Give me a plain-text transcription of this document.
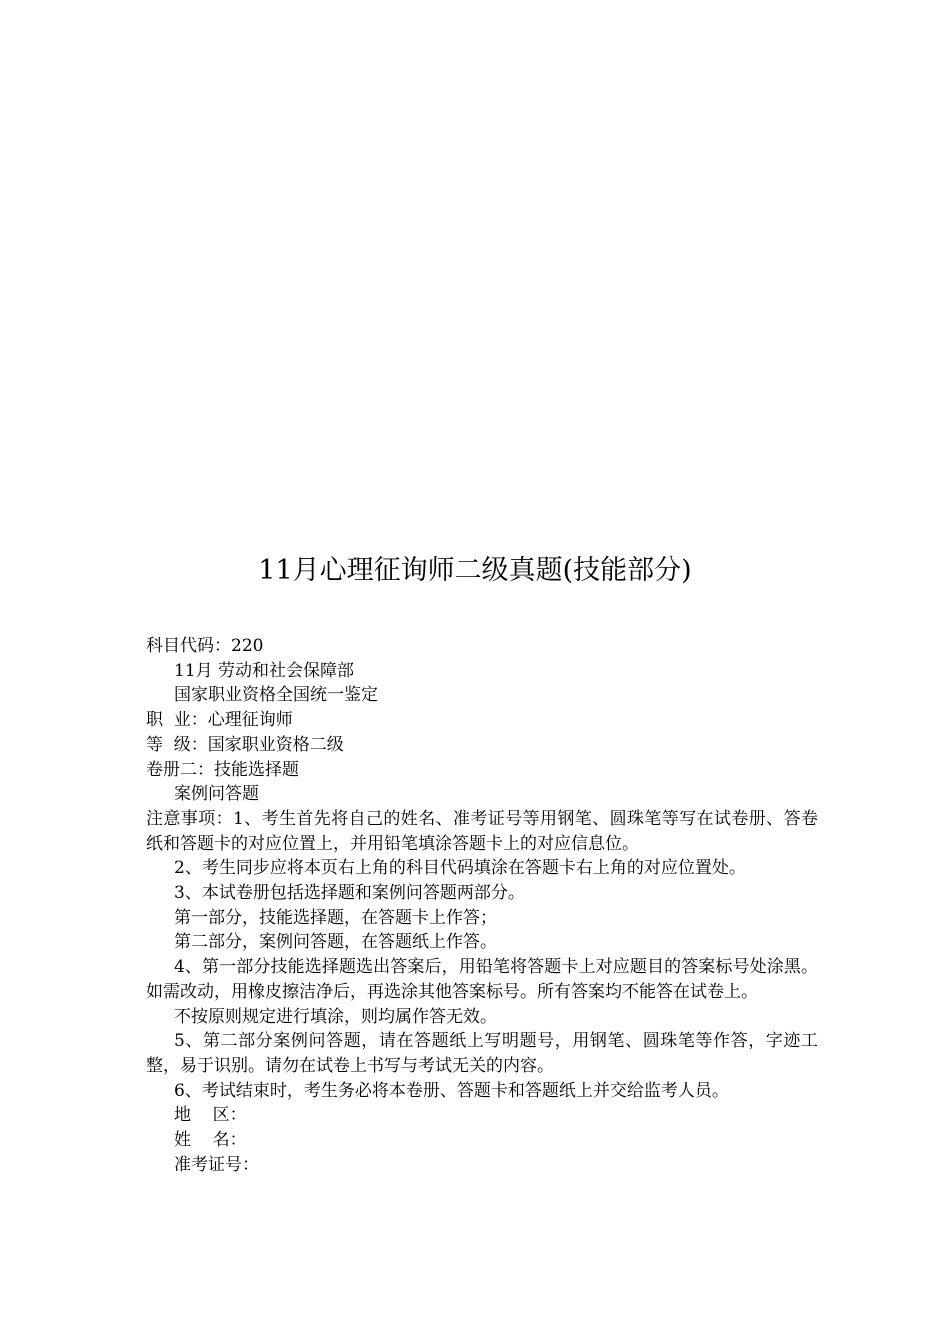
11月心理征询师二级真题(技能部分)

科目代码：220

11月 劳动和社会保障部

国家职业资格全国统一鉴定

职  业：心理征询师

等  级：国家职业资格二级

卷册二：技能选择题

案例问答题

注意事项：1、考生首先将自己的姓名、准考证号等用钢笔、圆珠笔等写在试卷册、答卷纸和答题卡的对应位置上，并用铅笔填涂答题卡上的对应信息位。

2、考生同步应将本页右上角的科目代码填涂在答题卡右上角的对应位置处。

3、本试卷册包括选择题和案例问答题两部分。

第一部分，技能选择题，在答题卡上作答；

第二部分，案例问答题，在答题纸上作答。

4、第一部分技能选择题选出答案后，用铅笔将答题卡上对应题目的答案标号处涂黑。如需改动，用橡皮擦洁净后，再选涂其他答案标号。所有答案均不能答在试卷上。

不按原则规定进行填涂，则均属作答无效。

5、第二部分案例问答题，请在答题纸上写明题号，用钢笔、圆珠笔等作答，字迹工整，易于识别。请勿在试卷上书写与考试无关的内容。

6、考试结束时，考生务必将本卷册、答题卡和答题纸上并交给监考人员。

地    区：

姓    名：

准考证号：
